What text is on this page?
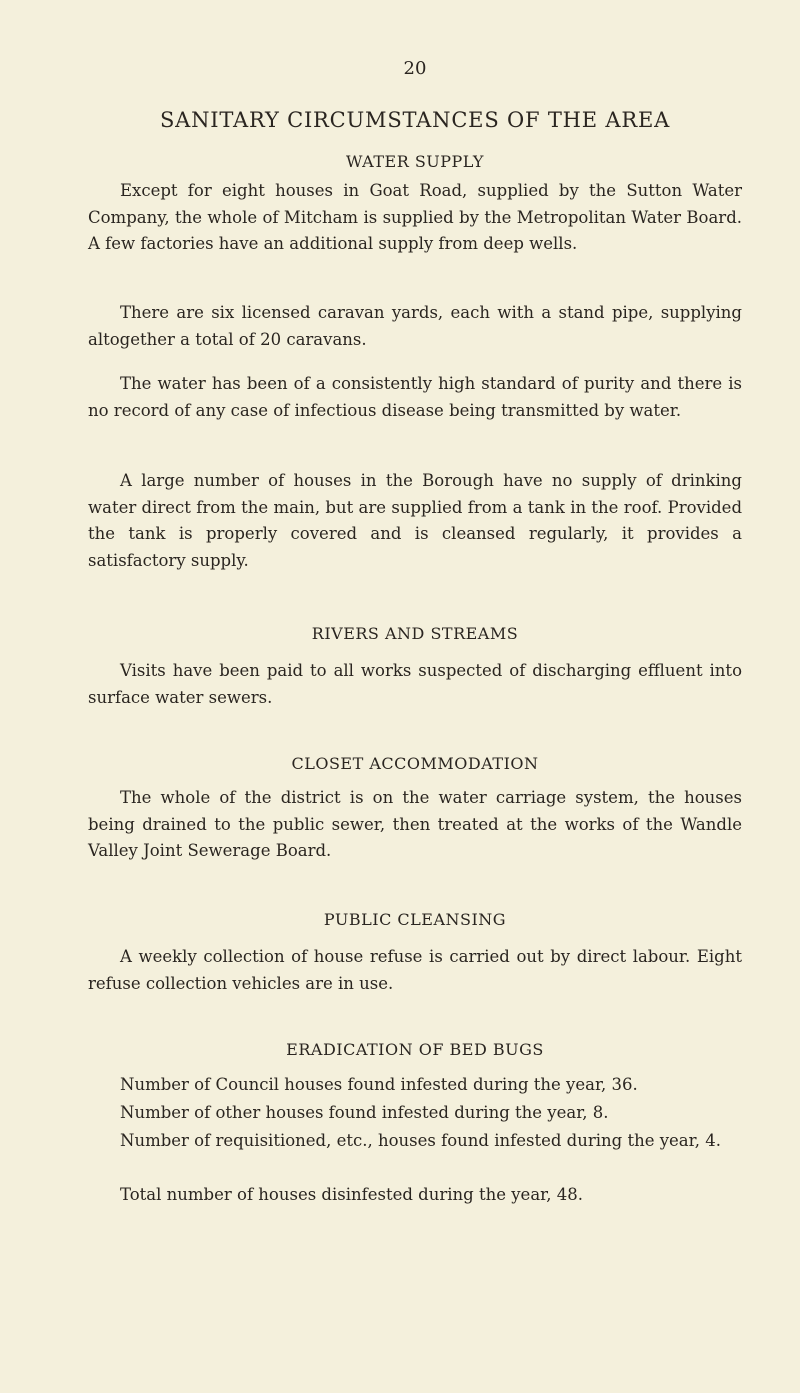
20
SANITARY CIRCUMSTANCES OF THE AREA
WATER SUPPLY
Except for eight houses in Goat Road, supplied by the Sutton Water Company, the whole of Mitcham is supplied by the Metropolitan Water Board. A few factories have an additional supply from deep wells.
There are six licensed caravan yards, each with a stand pipe, supplying altogether a total of 20 caravans.
The water has been of a consistently high standard of purity and there is no record of any case of infectious disease being transmitted by water.
A large number of houses in the Borough have no supply of drinking water direct from the main, but are supplied from a tank in the roof. Provided the tank is properly covered and is cleansed regularly, it provides a satisfactory supply.
RIVERS AND STREAMS
Visits have been paid to all works suspected of discharging effluent into surface water sewers.
CLOSET ACCOMMODATION
The whole of the district is on the water carriage system, the houses being drained to the public sewer, then treated at the works of the Wandle Valley Joint Sewerage Board.
PUBLIC CLEANSING
A weekly collection of house refuse is carried out by direct labour. Eight refuse collection vehicles are in use.
ERADICATION OF BED BUGS
Number of Council houses found infested during the year, 36.
Number of other houses found infested during the year, 8.
Number of requisitioned, etc., houses found infested during the year, 4.
Total number of houses disinfested during the year, 48.
